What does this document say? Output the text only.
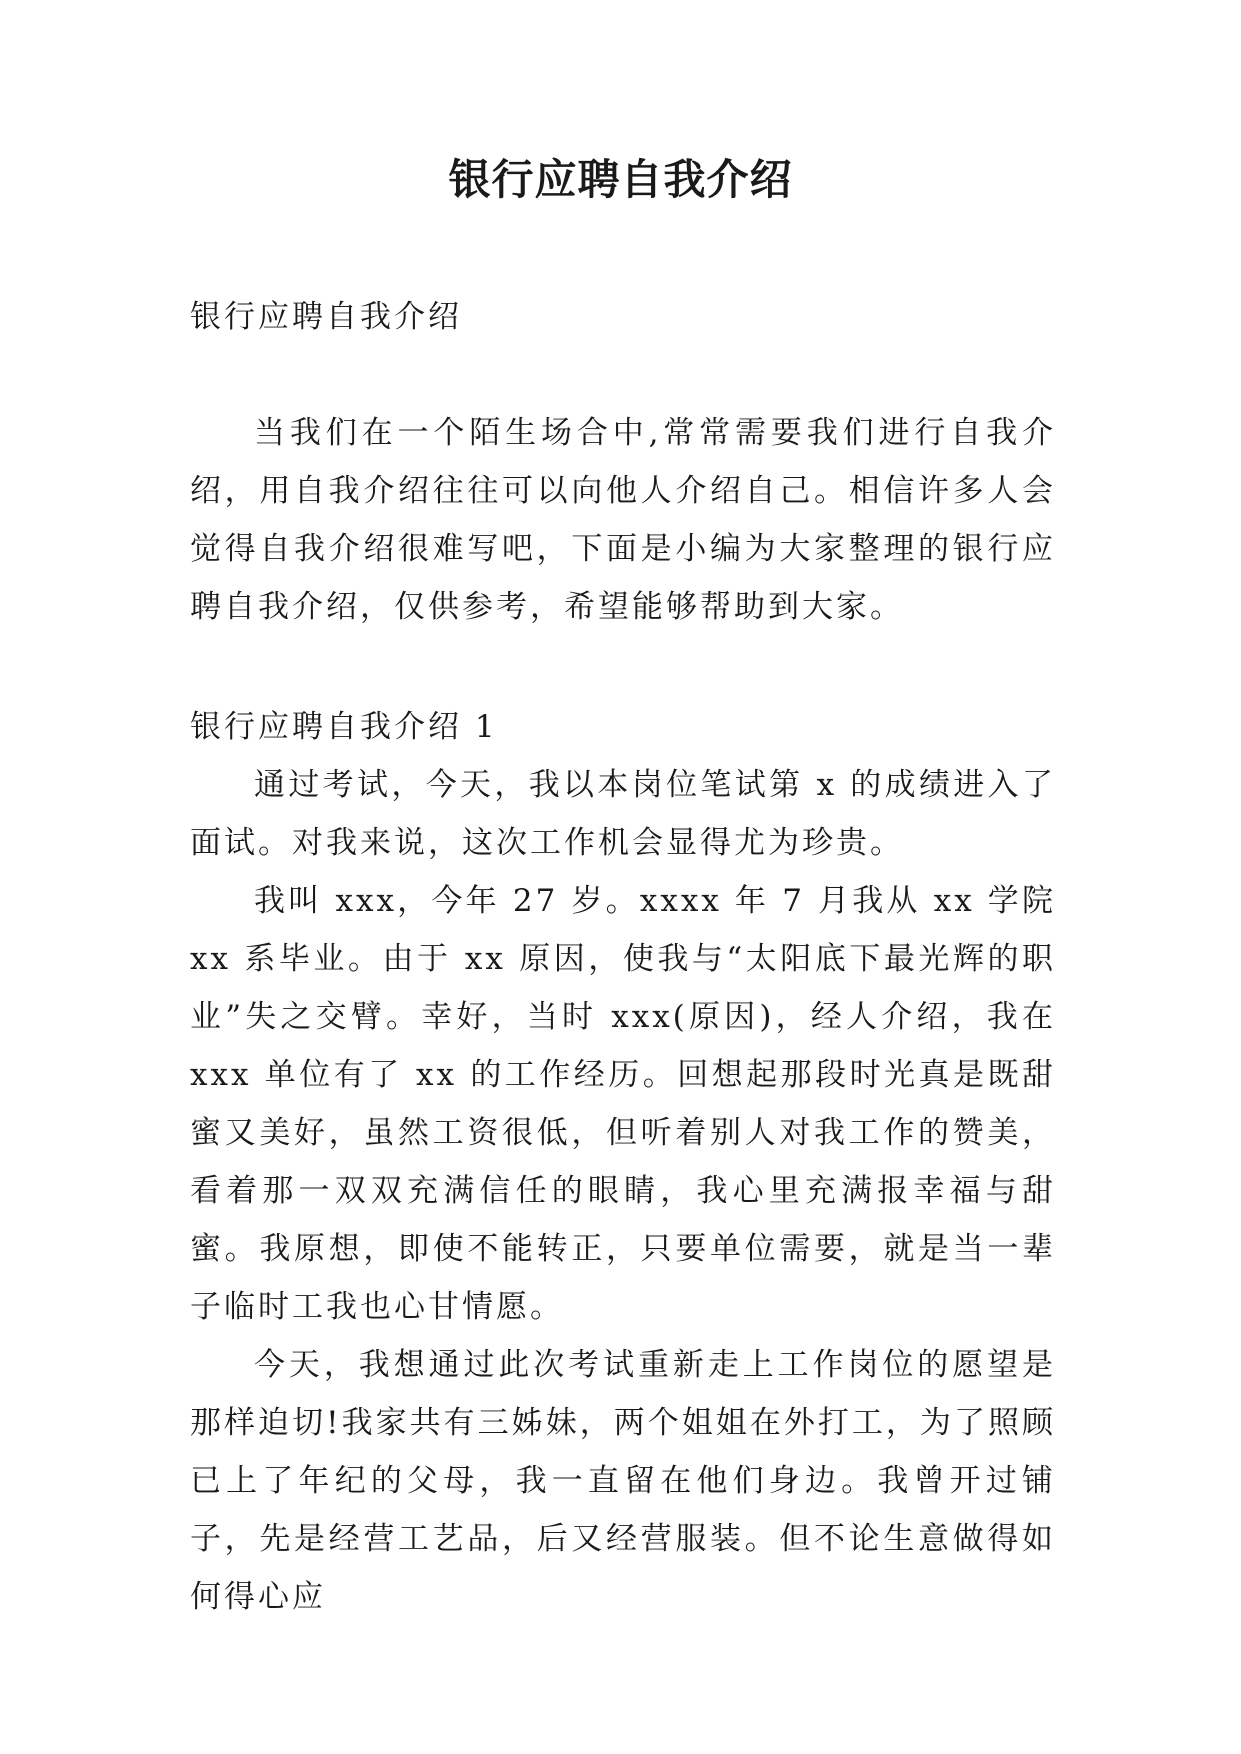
银行应聘自我介绍

银行应聘自我介绍

当我们在一个陌生场合中,常常需要我们进行自我介绍，用自我介绍往往可以向他人介绍自己。相信许多人会觉得自我介绍很难写吧，下面是小编为大家整理的银行应聘自我介绍，仅供参考，希望能够帮助到大家。

银行应聘自我介绍 1

通过考试，今天，我以本岗位笔试第 x 的成绩进入了面试。对我来说，这次工作机会显得尤为珍贵。

我叫 xxx，今年 27 岁。xxxx 年 7 月我从 xx 学院 xx 系毕业。由于 xx 原因，使我与“太阳底下最光辉的职业”失之交臂。幸好，当时 xxx(原因)，经人介绍，我在 xxx 单位有了 xx 的工作经历。回想起那段时光真是既甜蜜又美好，虽然工资很低，但听着别人对我工作的赞美，看着那一双双充满信任的眼睛，我心里充满报幸福与甜蜜。我原想，即使不能转正，只要单位需要，就是当一辈子临时工我也心甘情愿。

今天，我想通过此次考试重新走上工作岗位的愿望是那样迫切!我家共有三姊妹，两个姐姐在外打工，为了照顾已上了年纪的父母，我一直留在他们身边。我曾开过铺子，先是经营工艺品，后又经营服装。但不论生意做得如何得心应
